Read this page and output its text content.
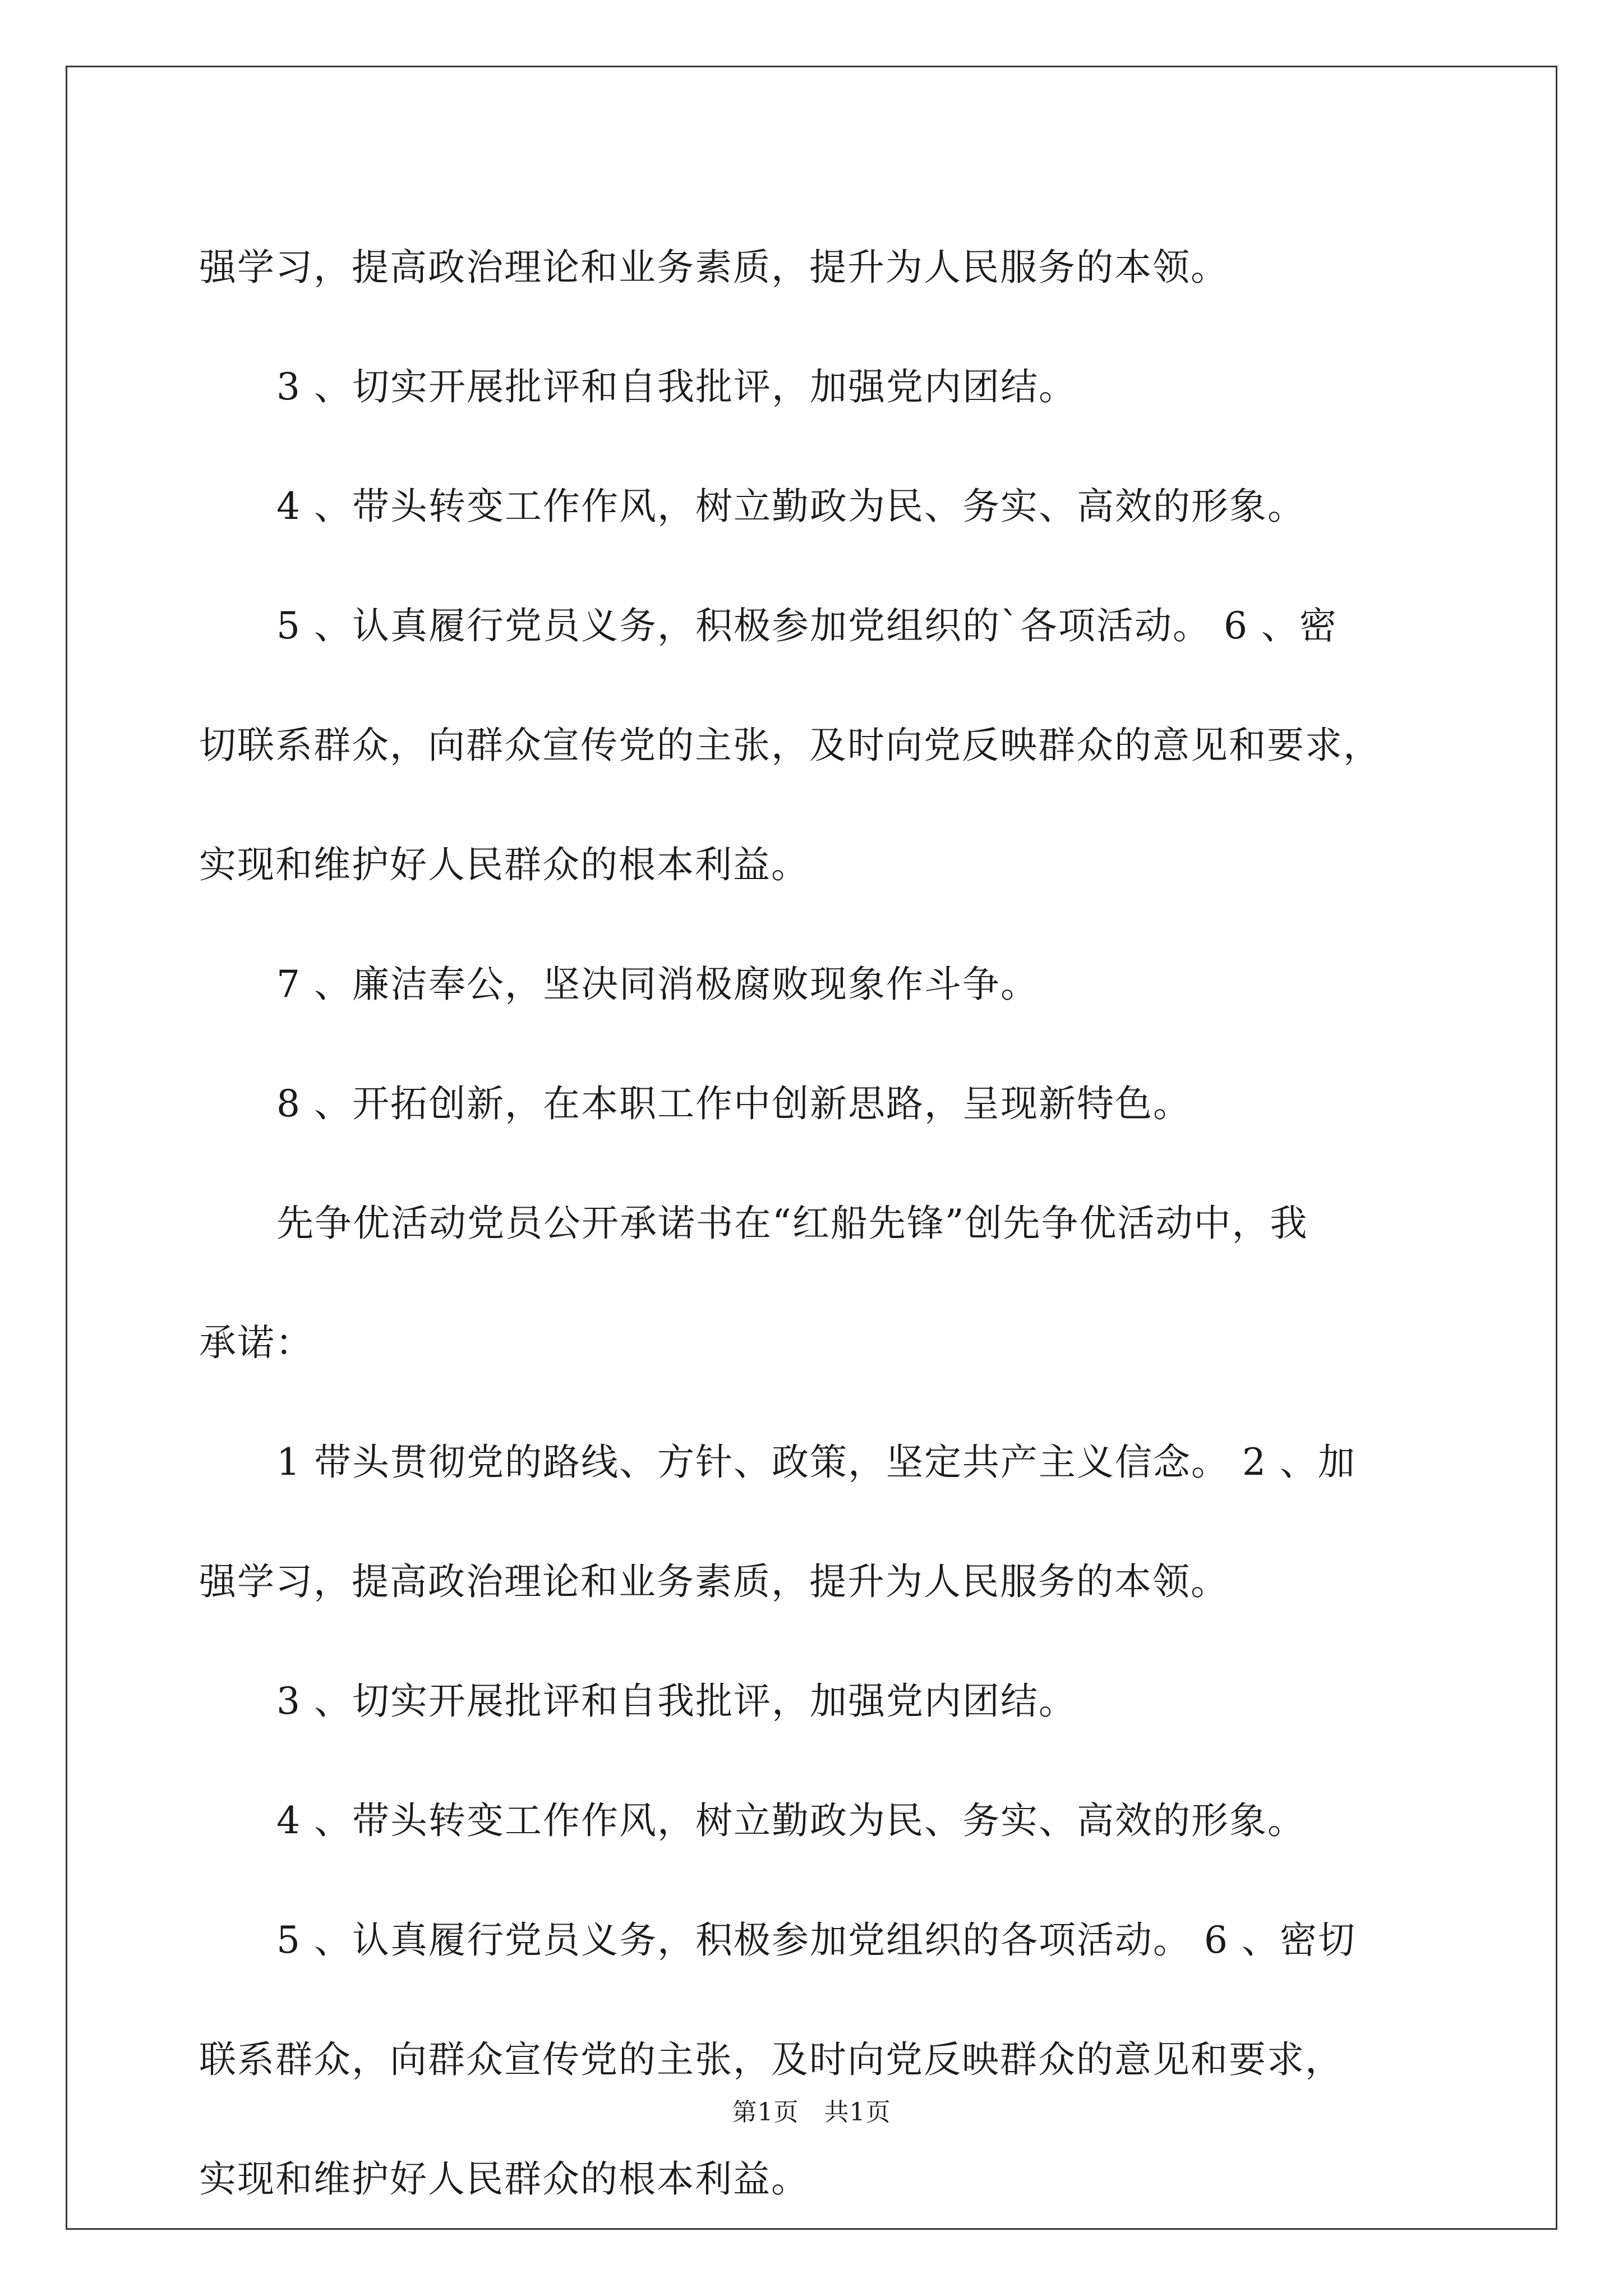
强学习，提高政治理论和业务素质，提升为人民服务的本领。

3 、切实开展批评和自我批评，加强党内团结。

4 、带头转变工作作风，树立勤政为民、务实、高效的形象。

5 、认真履行党员义务，积极参加党组织的`各项活动。 6 、密

切联系群众，向群众宣传党的主张，及时向党反映群众的意见和要求，

实现和维护好人民群众的根本利益。

7 、廉洁奉公，坚决同消极腐败现象作斗争。

8 、开拓创新，在本职工作中创新思路，呈现新特色。

先争优活动党员公开承诺书在“红船先锋”创先争优活动中，我

承诺：

1 带头贯彻党的路线、方针、政策，坚定共产主义信念。 2 、加

强学习，提高政治理论和业务素质，提升为人民服务的本领。

3 、切实开展批评和自我批评，加强党内团结。

4 、带头转变工作作风，树立勤政为民、务实、高效的形象。

5 、认真履行党员义务，积极参加党组织的各项活动。 6 、密切

联系群众，向群众宣传党的主张，及时向党反映群众的意见和要求，

实现和维护好人民群众的根本利益。

第1页　共1页
